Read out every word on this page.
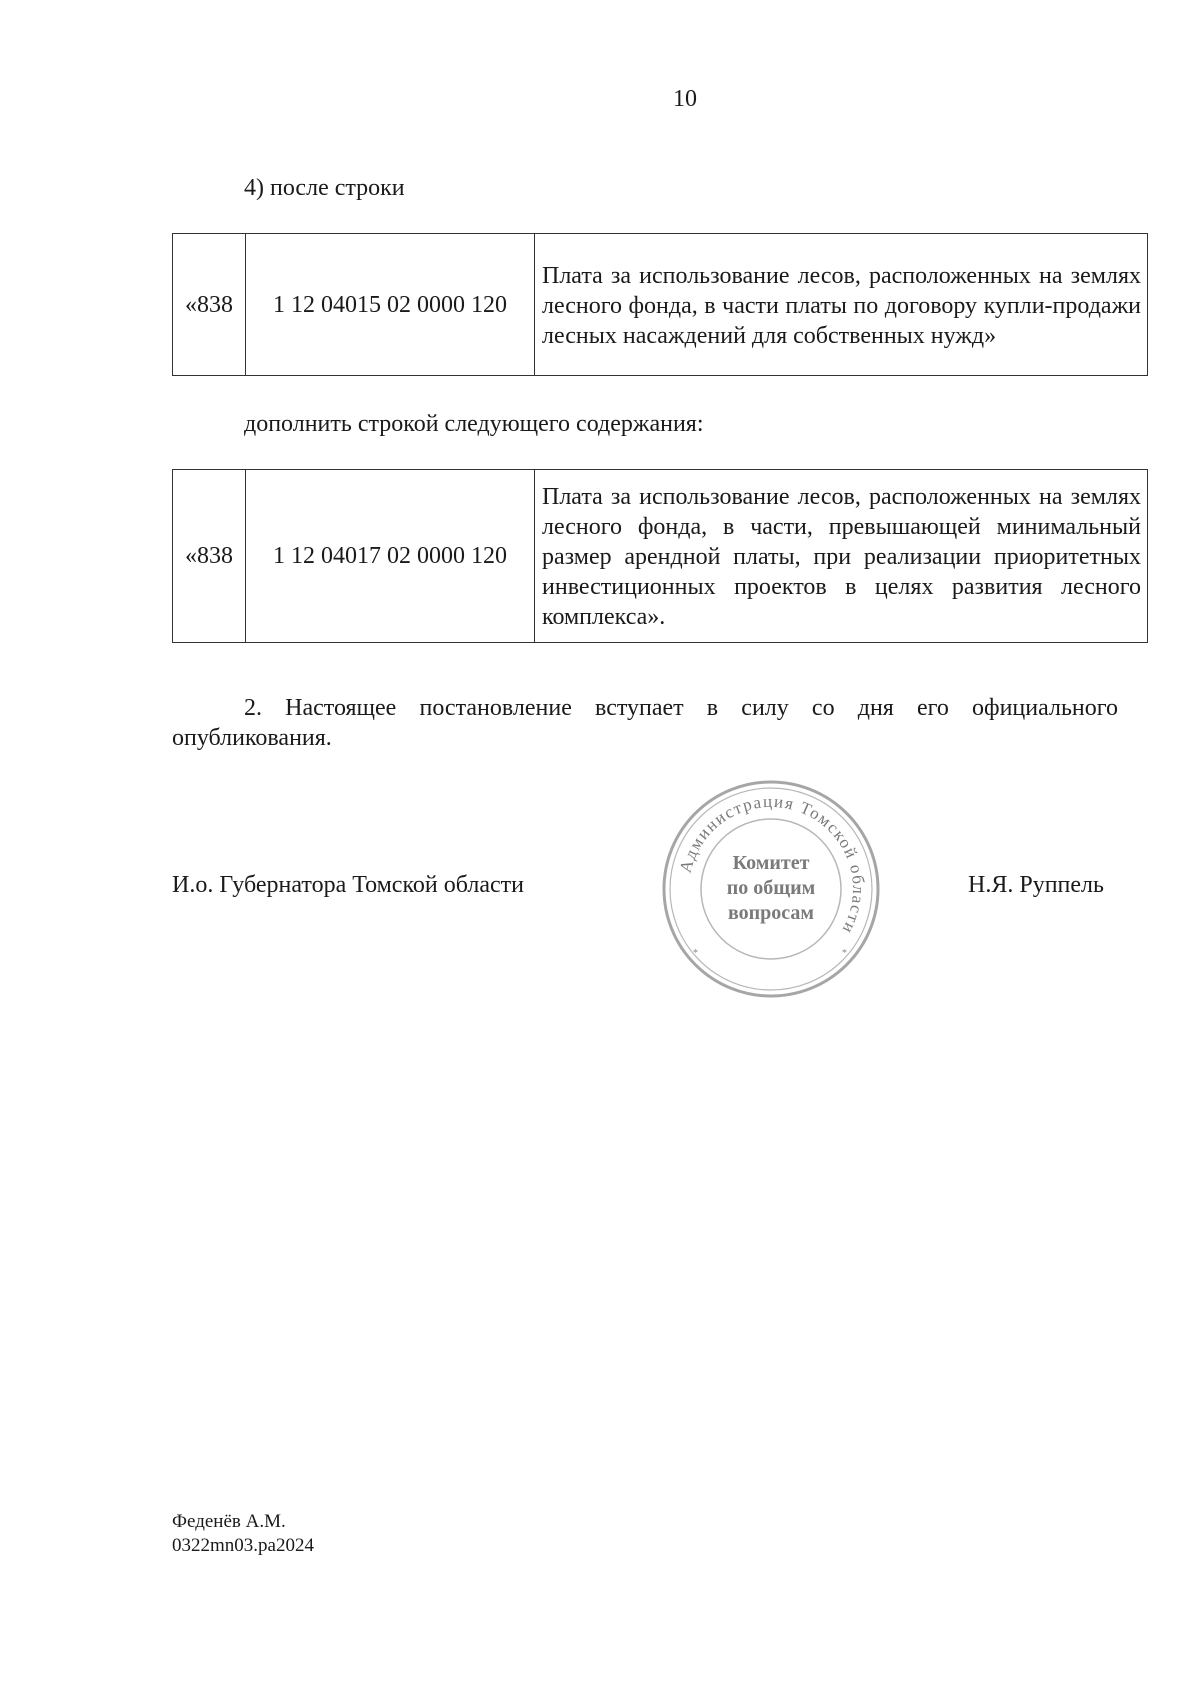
10
4) после строки
«838	1 12 04015 02 0000 120	Плата за использование лесов, расположенных на землях лесного фонда, в части платы по договору купли-продажи лесных насаждений для собственных нужд»
дополнить строкой следующего содержания:
«838	1 12 04017 02 0000 120	Плата за использование лесов, расположенных на землях лесного фонда, в части, превышающей минимальный размер арендной платы, при реализации приоритетных инвестиционных проектов в целях развития лесного комплекса».
2. Настоящее постановление вступает в силу со дня его официального опубликования.
И.о. Губернатора Томской области	Н.Я. Руппель
Администрация Томской области
Комитет
по общим
вопросам
*	*
Феденёв А.М.
0322mn03.pa2024
